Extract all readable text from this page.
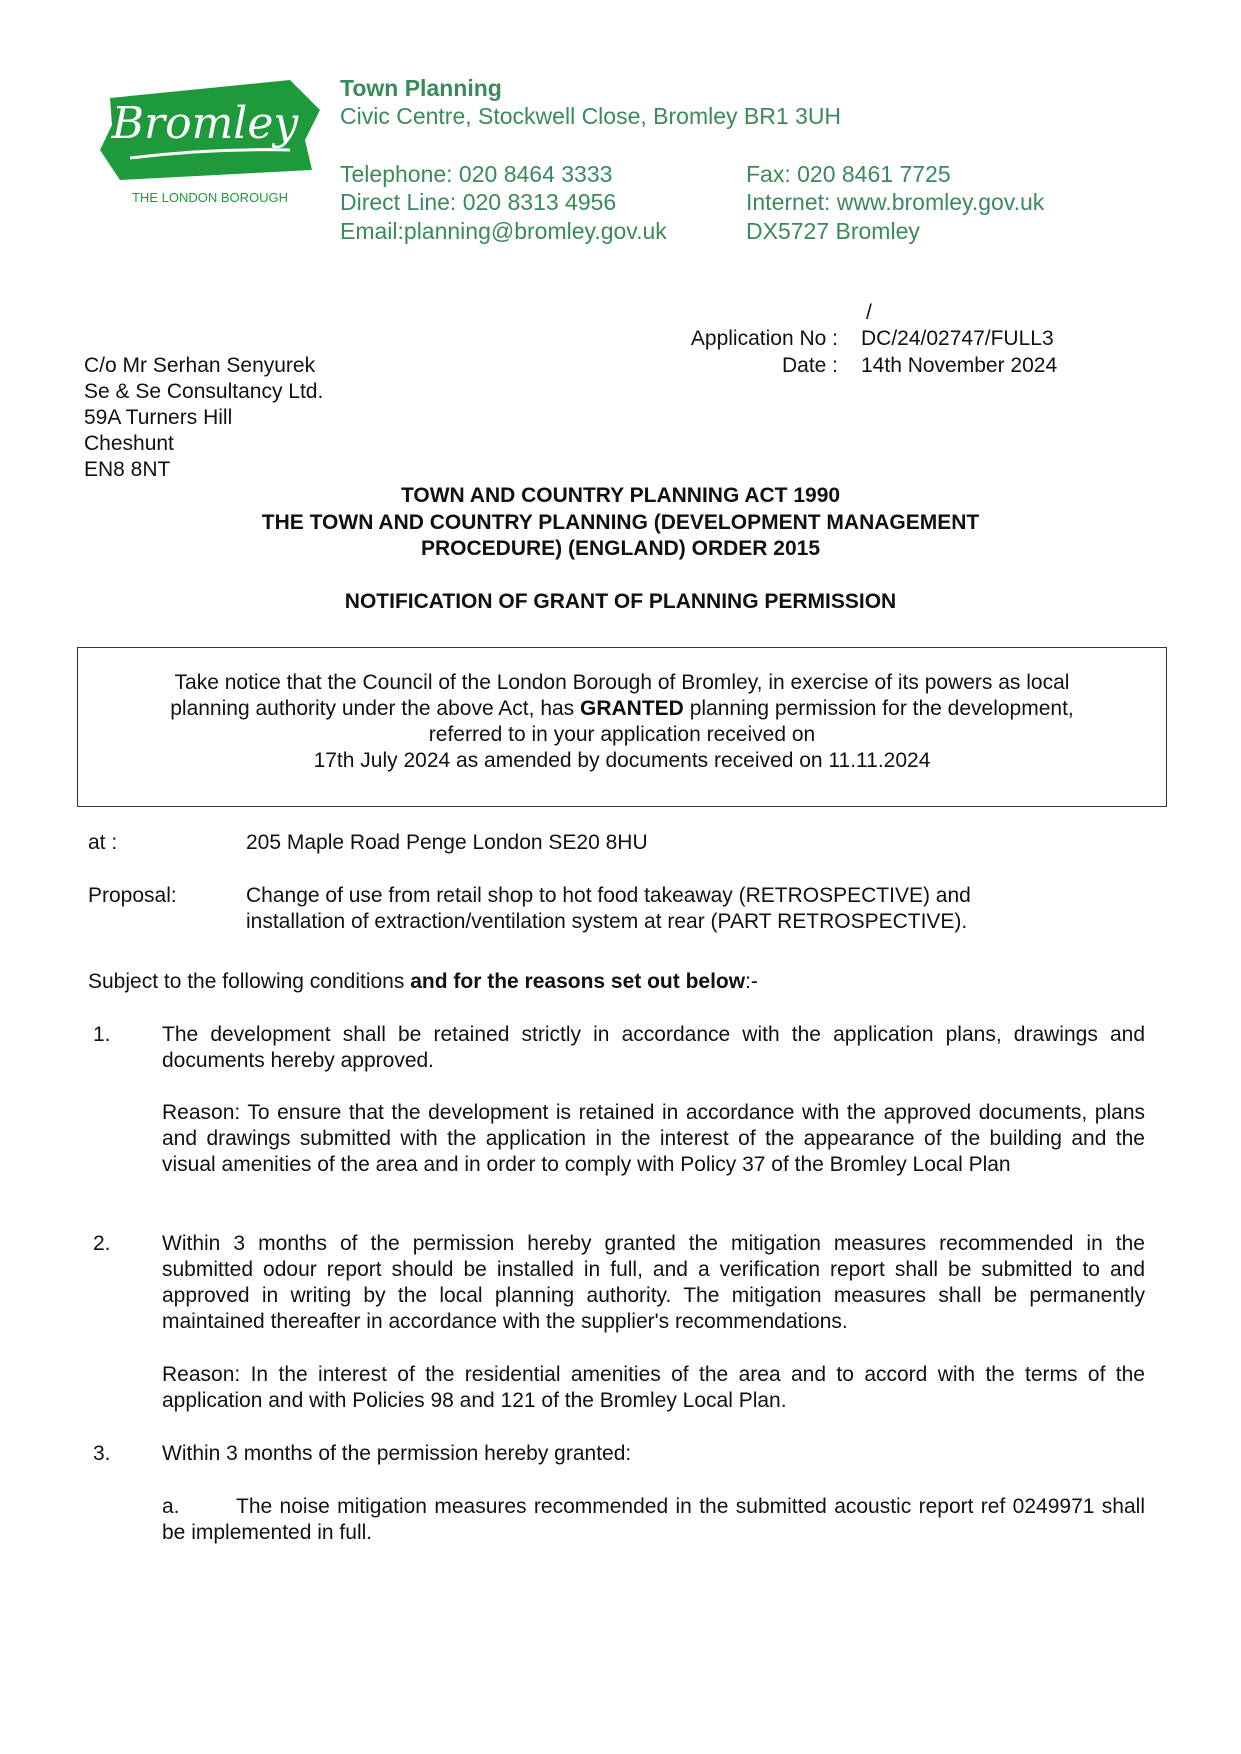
Bromley
THE LONDON BOROUGH
Town Planning
Civic Centre, Stockwell Close, Bromley BR1 3UH
Telephone: 020 8464 3333
Direct Line: 020 8313 4956
Email:planning@bromley.gov.uk
Fax: 020 8461 7725
Internet: www.bromley.gov.uk
DX5727 Bromley
/
Application No : DC/24/02747/FULL3
Date : 14th November 2024
C/o Mr Serhan Senyurek
Se & Se Consultancy Ltd.
59A Turners Hill
Cheshunt
EN8 8NT
TOWN AND COUNTRY PLANNING ACT 1990
THE TOWN AND COUNTRY PLANNING (DEVELOPMENT MANAGEMENT
PROCEDURE) (ENGLAND) ORDER 2015
NOTIFICATION OF GRANT OF PLANNING PERMISSION
Take notice that the Council of the London Borough of Bromley, in exercise of its powers as local
planning authority under the above Act, has GRANTED planning permission for the development,
referred to in your application received on
17th July 2024 as amended by documents received on 11.11.2024
at :	205 Maple Road Penge London SE20 8HU
Proposal:	Change of use from retail shop to hot food takeaway (RETROSPECTIVE) and installation of extraction/ventilation system at rear (PART RETROSPECTIVE).
Subject to the following conditions and for the reasons set out below:-
1. The development shall be retained strictly in accordance with the application plans, drawings and documents hereby approved.
Reason: To ensure that the development is retained in accordance with the approved documents, plans and drawings submitted with the application in the interest of the appearance of the building and the visual amenities of the area and in order to comply with Policy 37 of the Bromley Local Plan
2. Within 3 months of the permission hereby granted the mitigation measures recommended in the submitted odour report should be installed in full, and a verification report shall be submitted to and approved in writing by the local planning authority. The mitigation measures shall be permanently maintained thereafter in accordance with the supplier's recommendations.
Reason: In the interest of the residential amenities of the area and to accord with the terms of the application and with Policies 98 and 121 of the Bromley Local Plan.
3. Within 3 months of the permission hereby granted:
a.	The noise mitigation measures recommended in the submitted acoustic report ref 0249971 shall be implemented in full.
